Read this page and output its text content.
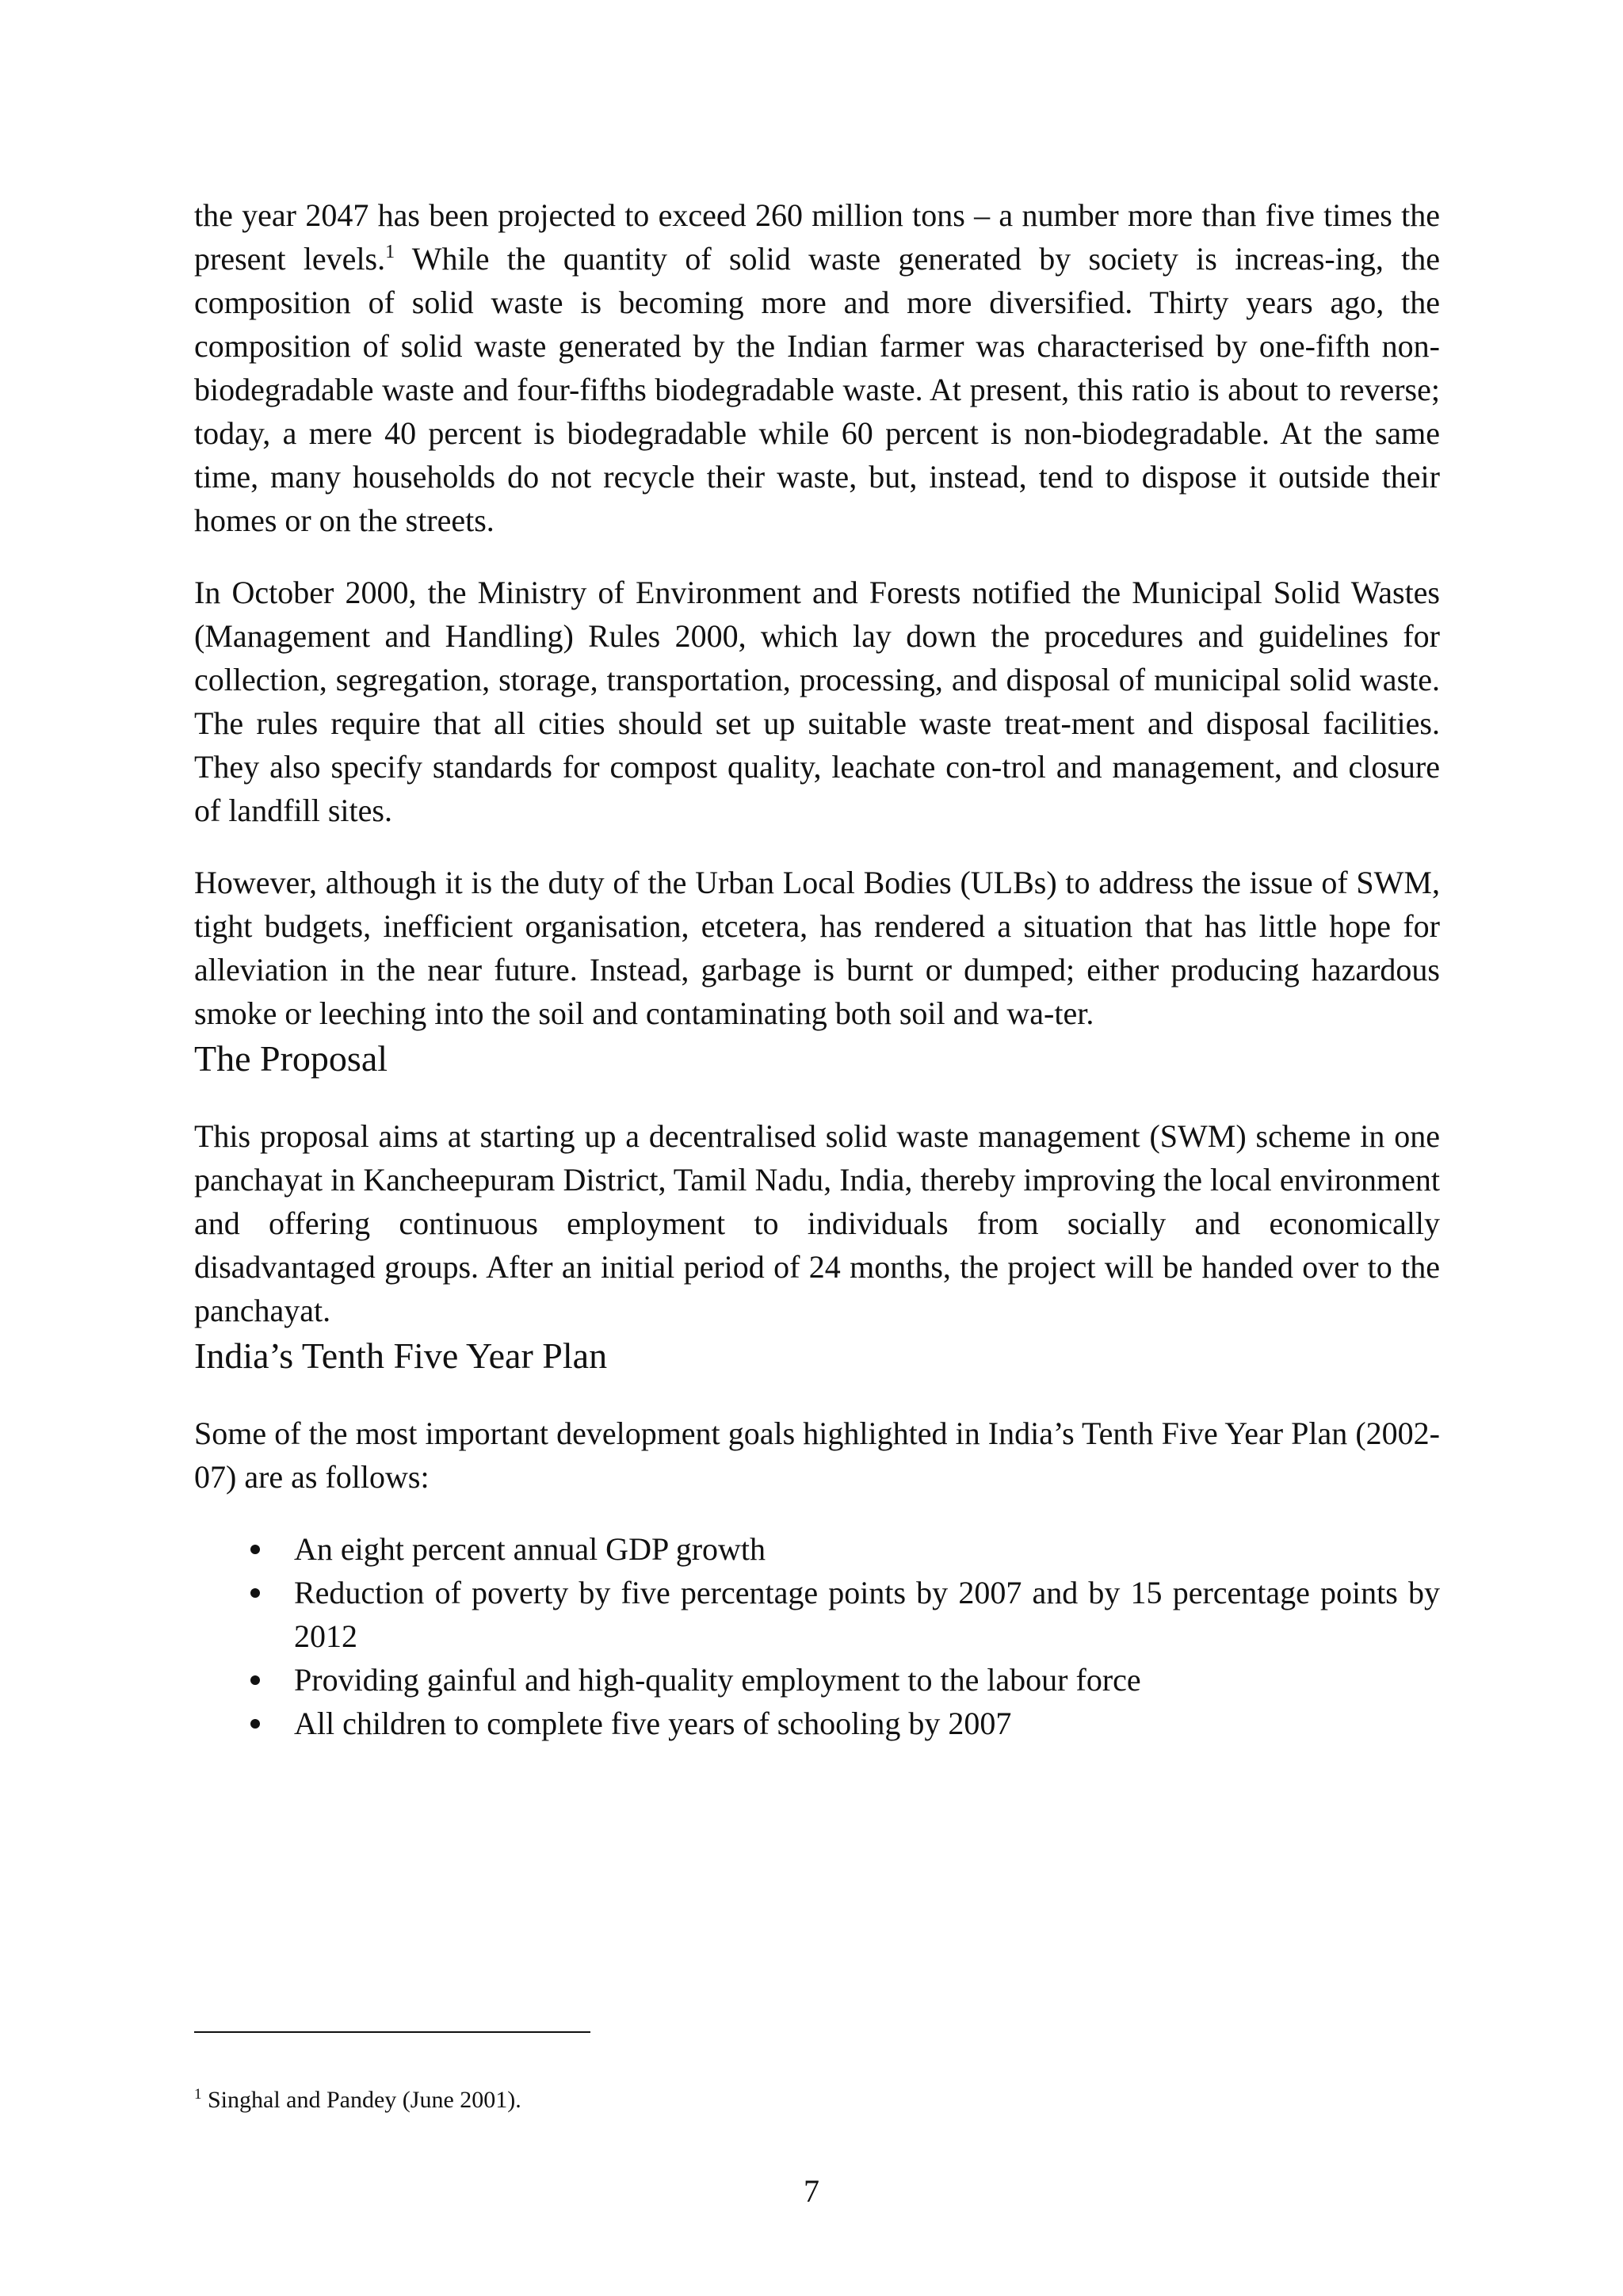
the year 2047 has been projected to exceed 260 million tons – a number more than five times the present levels.$^1$ While the quantity of solid waste generated by society is increas-ing, the composition of solid waste is becoming more and more diversified. Thirty years ago, the composition of solid waste generated by the Indian farmer was characterised by one-fifth non-biodegradable waste and four-fifths biodegradable waste. At present, this ratio is about to reverse; today, a mere 40 percent is biodegradable while 60 percent is non-biodegradable. At the same time, many households do not recycle their waste, but, instead, tend to dispose it outside their homes or on the streets.

In October 2000, the Ministry of Environment and Forests notified the Municipal Solid Wastes (Management and Handling) Rules 2000, which lay down the procedures and guidelines for collection, segregation, storage, transportation, processing, and disposal of municipal solid waste. The rules require that all cities should set up suitable waste treat-ment and disposal facilities. They also specify standards for compost quality, leachate con-trol and management, and closure of landfill sites.

However, although it is the duty of the Urban Local Bodies (ULBs) to address the issue of SWM, tight budgets, inefficient organisation, etcetera, has rendered a situation that has little hope for alleviation in the near future. Instead, garbage is burnt or dumped; either producing hazardous smoke or leeching into the soil and contaminating both soil and wa-ter.

The Proposal

This proposal aims at starting up a decentralised solid waste management (SWM) scheme in one panchayat in Kancheepuram District, Tamil Nadu, India, thereby improving the local environment and offering continuous employment to individuals from socially and economically disadvantaged groups. After an initial period of 24 months, the project will be handed over to the panchayat.

India’s Tenth Five Year Plan

Some of the most important development goals highlighted in India’s Tenth Five Year Plan (2002-07) are as follows:

An eight percent annual GDP growth
Reduction of poverty by five percentage points by 2007 and by 15 percentage points by 2012
Providing gainful and high-quality employment to the labour force
All children to complete five years of schooling by 2007
$^1$ Singhal and Pandey (June 2001).
7
